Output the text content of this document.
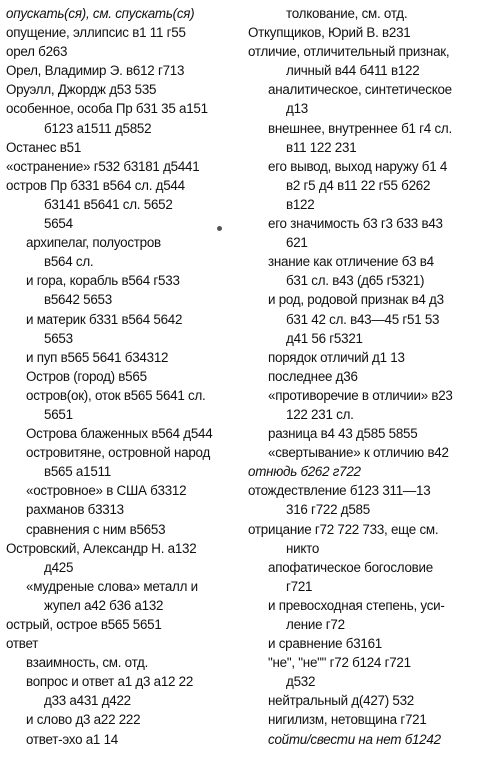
опускать(ся), см. спускать(ся)
опущение, эллипсис в1 11 г55
орел б263
Орел, Владимир Э. в612 г713
Оруэлл, Джордж д53 535
особенное, особа Пр б31 35 а151
б123 а1511 д5852
Останес в51
«остранение» г532 б3181 д5441
остров Пр б331 в564 сл. д544
б3141 в5641 сл. 5652
5654
архипелаг, полуостров
в564 сл.
и гора, корабль в564 г533
в5642 5653
и материк б331 в564 5642
5653
и пуп в565 5641 б34312
Остров (город) в565
остров(ок), оток в565 5641 сл.
5651
Острова блаженных в564 д544
островитяне, островной народ
в565 а1511
«островное» в США б3312
рахманов б3313
сравнения с ним в5653
Островский, Александр Н. а132
д425
«мудреные слова» металл и
жупел а42 б36 а132
острый, острое в565 5651
ответ
взаимность, см. отд.
вопрос и ответ а1 д3 а12 22
д33 а431 д422
и слово д3 а22 222
ответ-эхо а1 14
толкование, см. отд.
Откупщиков, Юрий В. в231
отличие, отличительный признак,
личный в44 б411 в122
аналитическое, синтетическое
д13
внешнее, внутреннее б1 г4 сл.
в11 122 231
его вывод, выход наружу б1 4
в2 г5 д4 в11 22 г55 б262
в122
его значимость б3 г3 б33 в43
621
знание как отличение б3 в4
б31 сл. в43 (д65 г5321)
и род, родовой признак в4 д3
б31 42 сл. в43—45 г51 53
д41 56 г5321
порядок отличий д1 13
последнее д36
«противоречие в отличии» в23
122 231 сл.
разница в4 43 д585 5855
«свертывание» к отличию в42
отнюдь б262 г722
отождествление б123 311—13
316 г722 д585
отрицание г72 722 733, еще см.
никто
апофатическое богословие
г721
и превосходная степень, уси-
ление г72
и сравнение б3161
"не", "не"" г72 б124 г721
д532
нейтральный д(427) 532
нигилизм, нетовщина г721
сойти/свести на нет б1242
